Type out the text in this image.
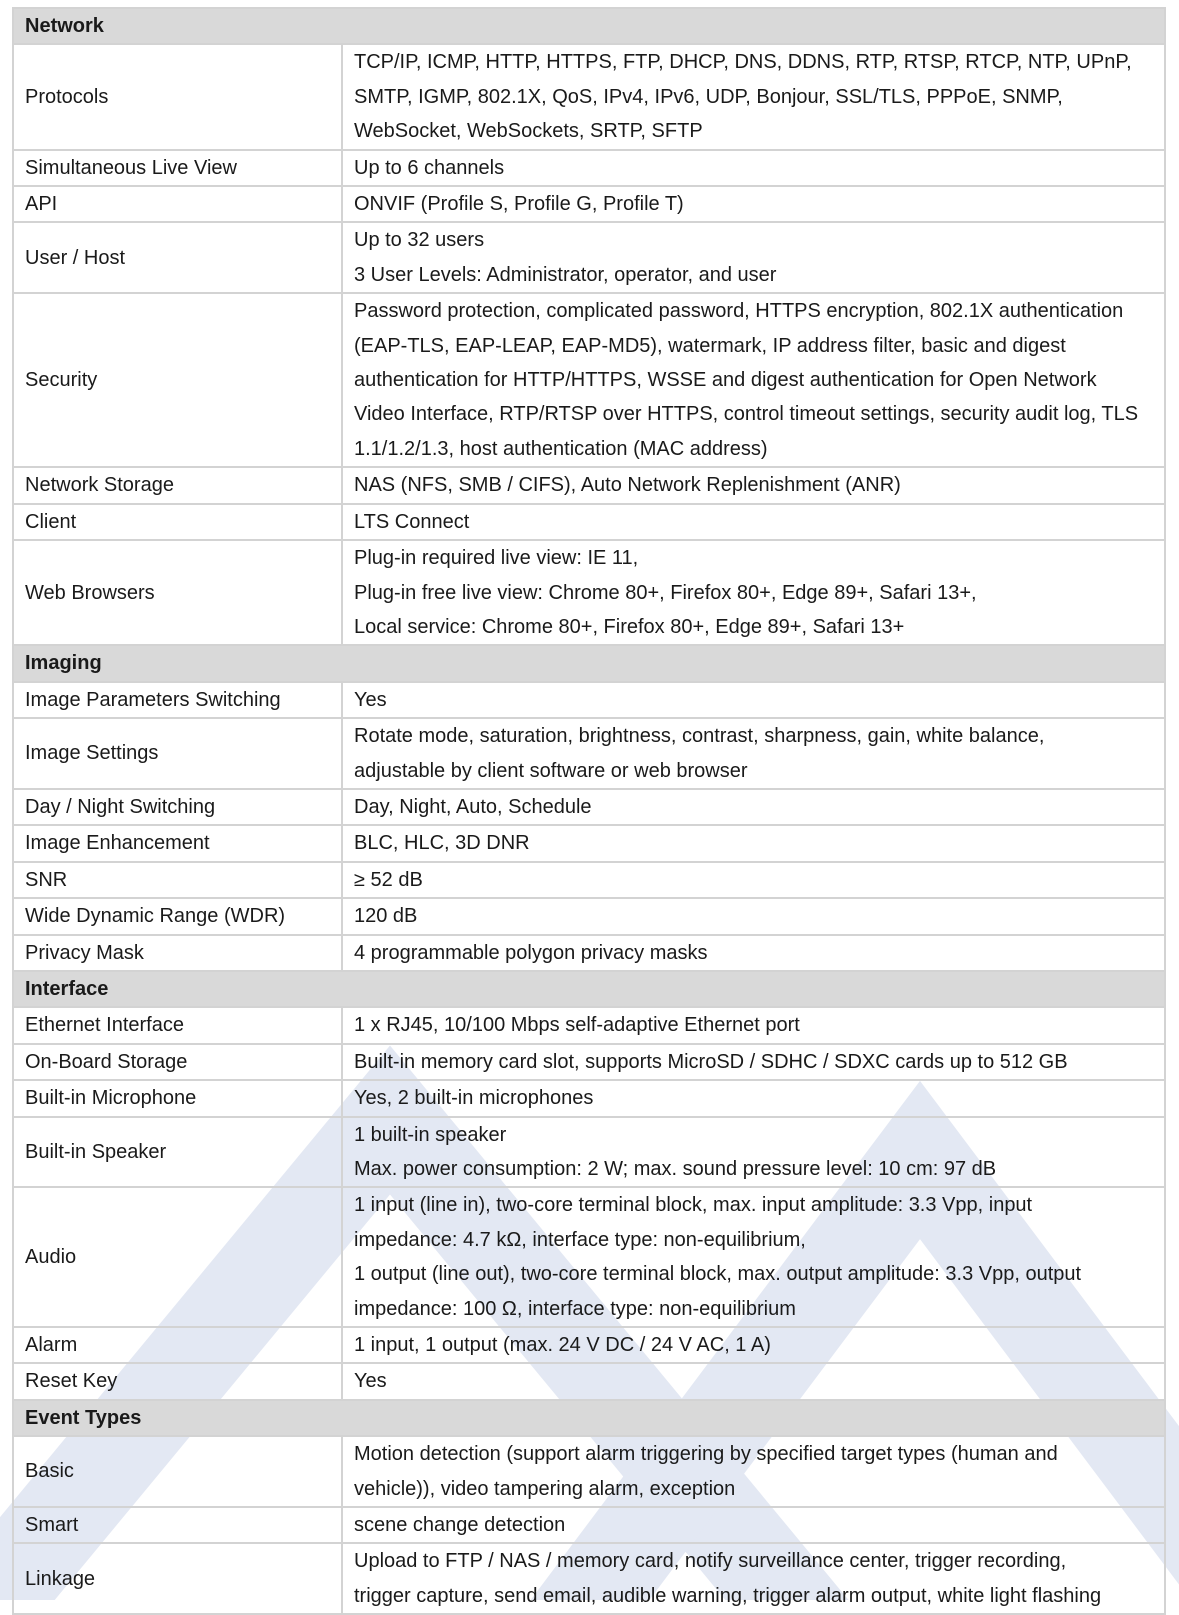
Network	
Protocols	TCP/IP, ICMP, HTTP, HTTPS, FTP, DHCP, DNS, DDNS, RTP, RTSP, RTCP, NTP, UPnP,
SMTP, IGMP, 802.1X, QoS, IPv4, IPv6, UDP, Bonjour, SSL/TLS, PPPoE, SNMP,
WebSocket, WebSockets, SRTP, SFTP

Simultaneous Live View	Up to 6 channels

API	ONVIF (Profile S, Profile G, Profile T)

User / Host	Up to 32 users
3 User Levels: Administrator, operator, and user

Security	Password protection, complicated password, HTTPS encryption, 802.1X authentication
(EAP-TLS, EAP-LEAP, EAP-MD5), watermark, IP address filter, basic and digest
authentication for HTTP/HTTPS, WSSE and digest authentication for Open Network
Video Interface, RTP/RTSP over HTTPS, control timeout settings, security audit log, TLS
1.1/1.2/1.3, host authentication (MAC address)

Network Storage	NAS (NFS, SMB / CIFS), Auto Network Replenishment (ANR)

Client	LTS Connect

Web Browsers	Plug-in required live view: IE 11,
Plug-in free live view: Chrome 80+, Firefox 80+, Edge 89+, Safari 13+,
Local service: Chrome 80+, Firefox 80+, Edge 89+, Safari 13+

Imaging	
Image Parameters Switching	Yes

Image Settings	Rotate mode, saturation, brightness, contrast, sharpness, gain, white balance,
adjustable by client software or web browser

Day / Night Switching	Day, Night, Auto, Schedule

Image Enhancement	BLC, HLC, 3D DNR

SNR	≥ 52 dB

Wide Dynamic Range (WDR)	120 dB

Privacy Mask	4 programmable polygon privacy masks

Interface	
Ethernet Interface	1 x RJ45, 10/100 Mbps self-adaptive Ethernet port

On-Board Storage	Built-in memory card slot, supports MicroSD / SDHC / SDXC cards up to 512 GB

Built-in Microphone	Yes, 2 built-in microphones

Built-in Speaker	1 built-in speaker
Max. power consumption: 2 W; max. sound pressure level: 10 cm: 97 dB

Audio	1 input (line in), two-core terminal block, max. input amplitude: 3.3 Vpp, input
impedance: 4.7 kΩ, interface type: non-equilibrium,
1 output (line out), two-core terminal block, max. output amplitude: 3.3 Vpp, output
impedance: 100 Ω, interface type: non-equilibrium

Alarm	1 input, 1 output (max. 24 V DC / 24 V AC, 1 A)

Reset Key	Yes

Event Types	
Basic	Motion detection (support alarm triggering by specified target types (human and
vehicle)), video tampering alarm, exception

Smart	scene change detection

Linkage	Upload to FTP / NAS / memory card, notify surveillance center, trigger recording,
trigger capture, send email, audible warning, trigger alarm output, white light flashing
